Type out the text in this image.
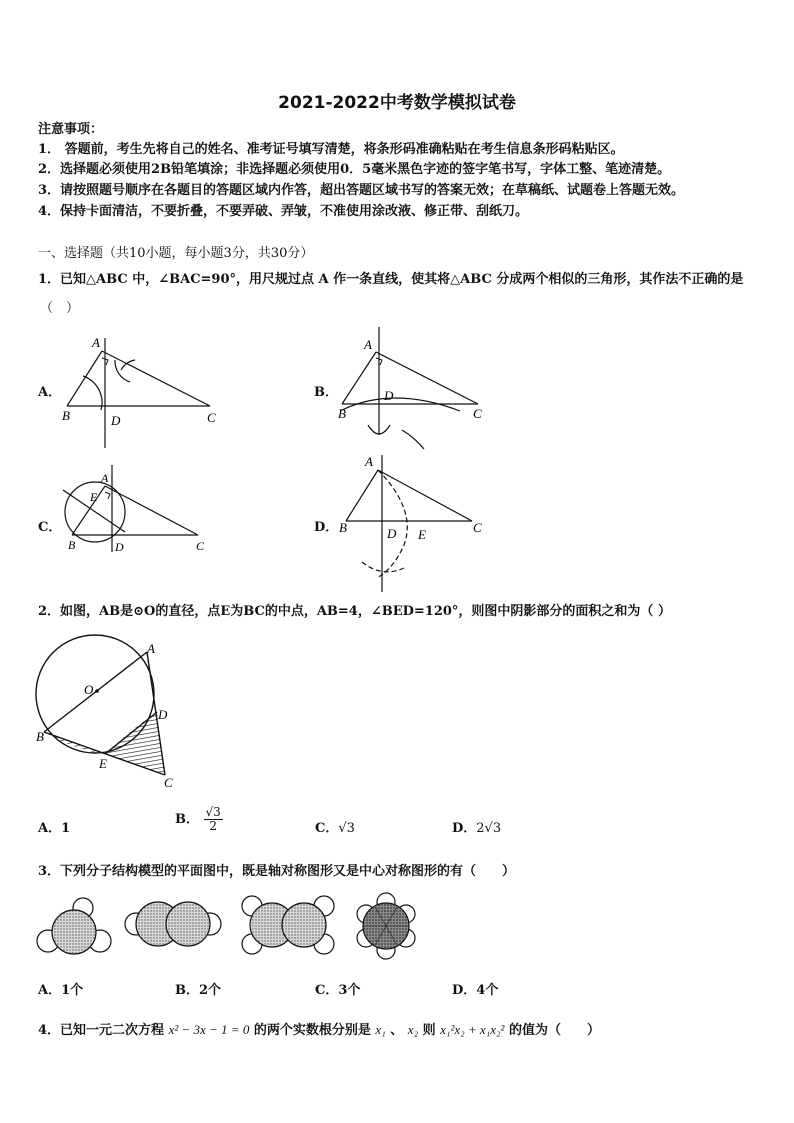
2021-2022中考数学模拟试卷
注意事项：
1． 答题前，考生先将自己的姓名、准考证号填写清楚，将条形码准确粘贴在考生信息条形码粘贴区。
2．选择题必须使用2B铅笔填涂；非选择题必须使用0．5毫米黑色字迹的签字笔书写，字体工整、笔迹清楚。
3．请按照题号顺序在各题目的答题区域内作答，超出答题区域书写的答案无效；在草稿纸、试题卷上答题无效。
4．保持卡面清洁，不要折叠，不要弄破、弄皱，不准使用涂改液、修正带、刮纸刀。
一、选择题（共10小题，每小题3分，共30分）
1．已知△ABC 中，∠BAC=90°，用尺规过点 A 作一条直线，使其将△ABC 分成两个相似的三角形，其作法不正确的是
（　）
A．	B．
C．	D．
A
B	D	C
A
D
B	C
A
E
B	D	C
A
B	D E	C
2．如图，AB是⊙O的直径，点E为BC的中点，AB=4，∠BED=120°，则图中阴影部分的面积之和为（ ）
A
O
D
B
E
C
A．1
B． $\frac{√3}{2}$	C．√3	D．2√3
3．下列分子结构模型的平面图中，既是轴对称图形又是中心对称图形的有（　　）
A．1个	B．2个	C．3个	D．4个
4．已知一元二次方程 x² − 3x − 1 = 0 的两个实数根分别是 x₁ 、 x₂ 则 x₁²x₂ + x₁x₂² 的值为（　　）
